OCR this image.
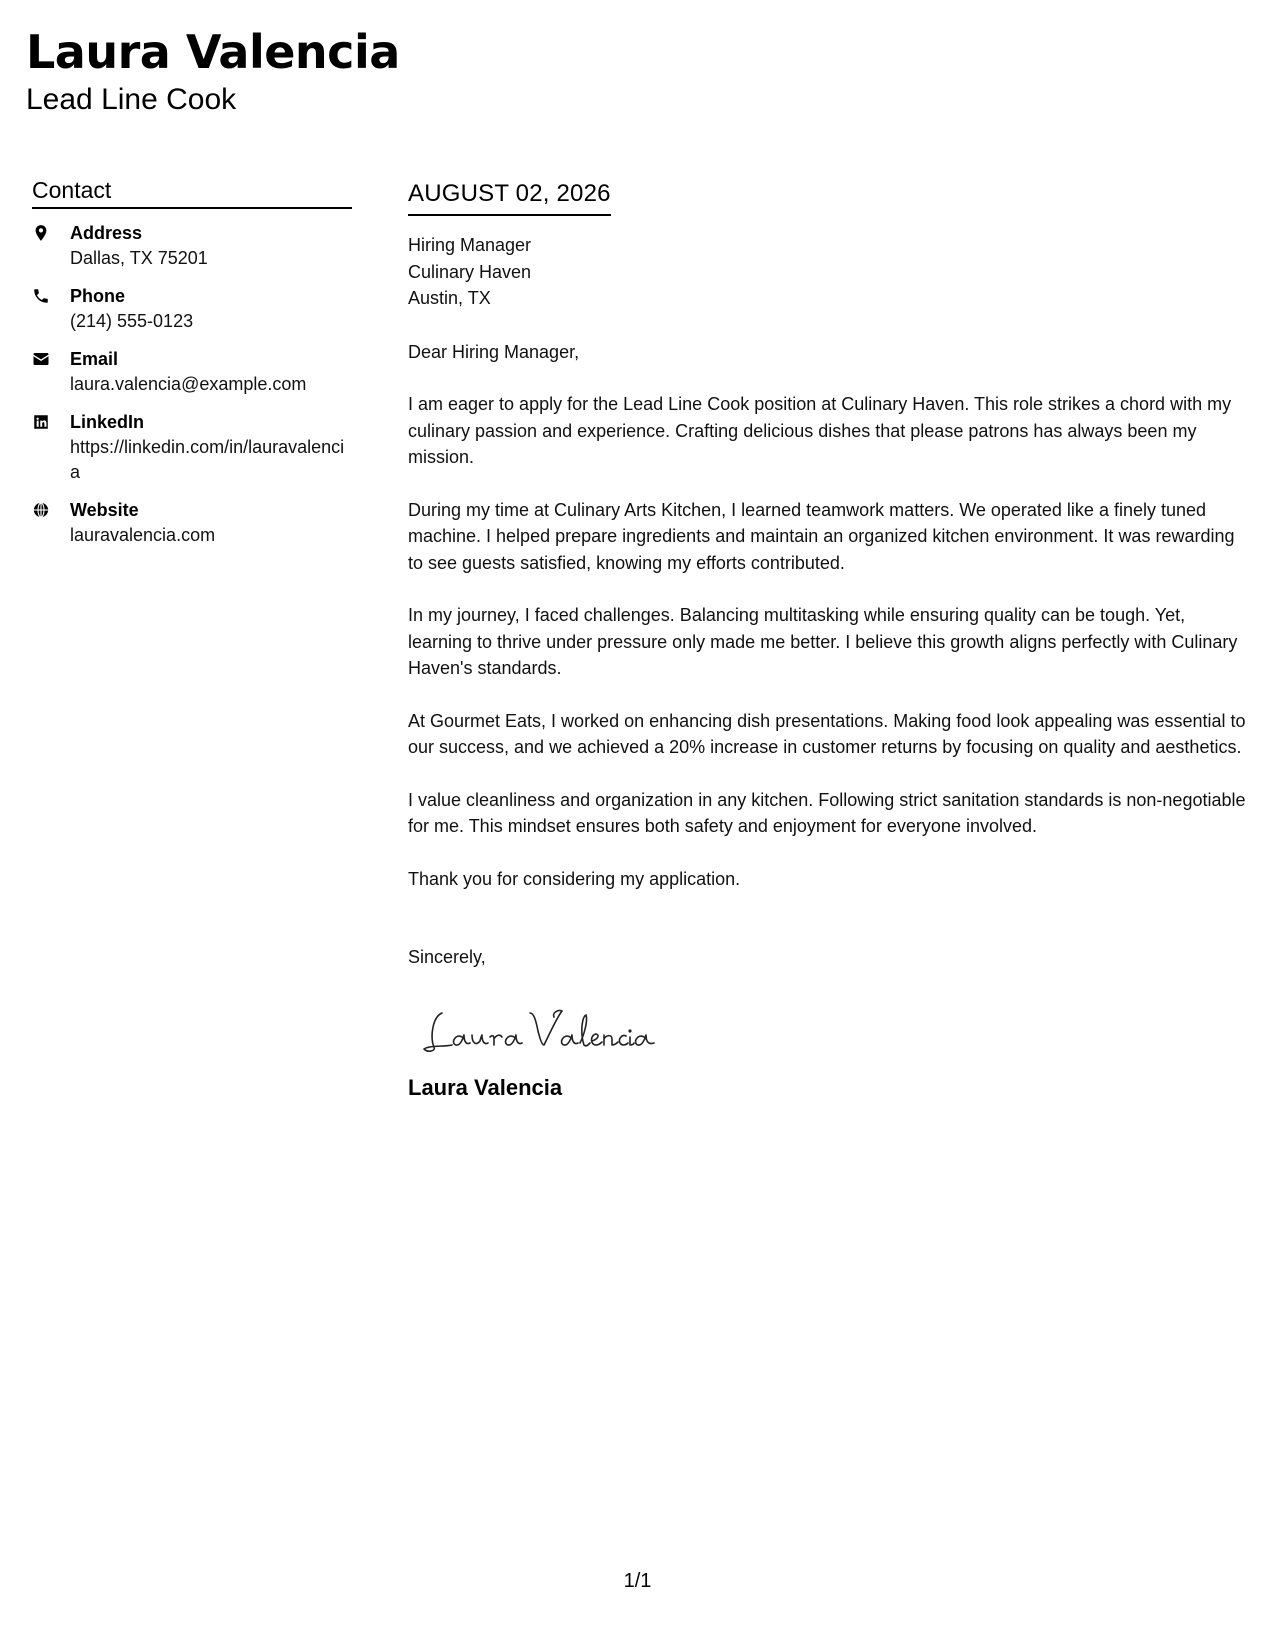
Laura Valencia
Lead Line Cook
Contact
Address
Dallas, TX 75201
Phone
(214) 555-0123
Email
laura.valencia@example.com
LinkedIn
https://linkedin.com/in/lauravalencia
Website
lauravalencia.com
AUGUST 02, 2026
Hiring Manager
Culinary Haven
Austin, TX
Dear Hiring Manager,
I am eager to apply for the Lead Line Cook position at Culinary Haven. This role strikes a chord with my culinary passion and experience. Crafting delicious dishes that please patrons has always been my mission.
During my time at Culinary Arts Kitchen, I learned teamwork matters. We operated like a finely tuned machine. I helped prepare ingredients and maintain an organized kitchen environment. It was rewarding to see guests satisfied, knowing my efforts contributed.
In my journey, I faced challenges. Balancing multitasking while ensuring quality can be tough. Yet, learning to thrive under pressure only made me better. I believe this growth aligns perfectly with Culinary Haven's standards.
At Gourmet Eats, I worked on enhancing dish presentations. Making food look appealing was essential to our success, and we achieved a 20% increase in customer returns by focusing on quality and aesthetics.
I value cleanliness and organization in any kitchen. Following strict sanitation standards is non-negotiable for me. This mindset ensures both safety and enjoyment for everyone involved.
Thank you for considering my application.
Sincerely,
Laura Valencia
1/1
